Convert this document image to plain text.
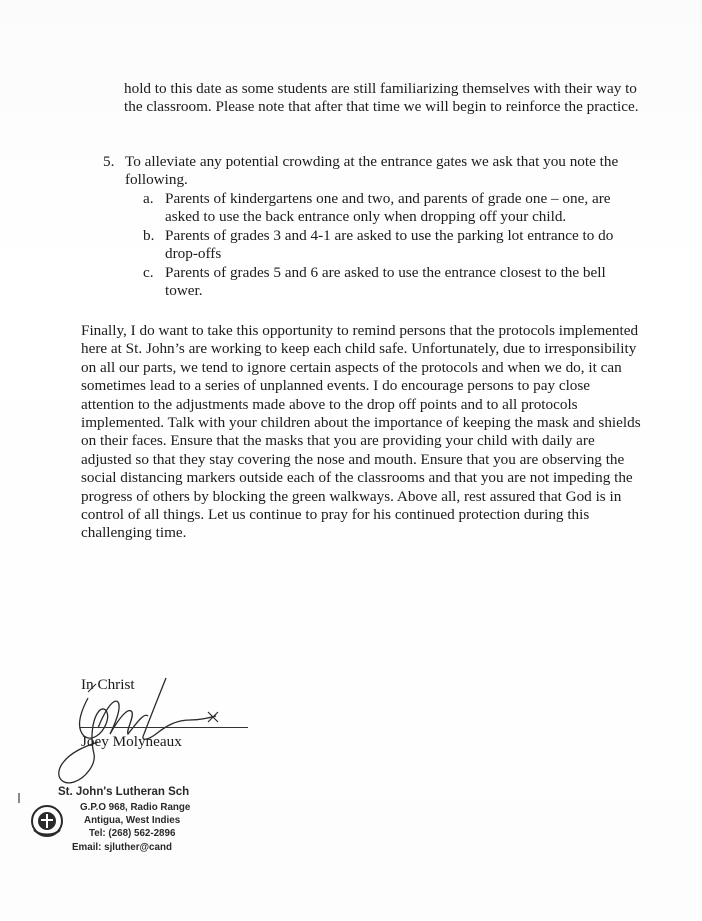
hold to this date as some students are still familiarizing themselves with their way to the classroom. Please note that after that time we will begin to reinforce the practice.
5. To alleviate any potential crowding at the entrance gates we ask that you note the following.
a. Parents of kindergartens one and two, and parents of grade one – one, are asked to use the back entrance only when dropping off your child.
b. Parents of grades 3 and 4-1 are asked to use the parking lot entrance to do drop-offs
c. Parents of grades 5 and 6 are asked to use the entrance closest to the bell tower.
Finally, I do want to take this opportunity to remind persons that the protocols implemented here at St. John’s are working to keep each child safe. Unfortunately, due to irresponsibility on all our parts, we tend to ignore certain aspects of the protocols and when we do, it can sometimes lead to a series of unplanned events. I do encourage persons to pay close attention to the adjustments made above to the drop off points and to all protocols implemented. Talk with your children about the importance of keeping the mask and shields on their faces. Ensure that the masks that you are providing your child with daily are adjusted so that they stay covering the nose and mouth. Ensure that you are observing the social distancing markers outside each of the classrooms and that you are not impeding the progress of others by blocking the green walkways. Above all, rest assured that God is in control of all things. Let us continue to pray for his continued protection during this challenging time.
In Christ
Joey Molyneaux
St. John's Lutheran Sch
G.P.O 968, Radio Range
Antigua, West Indies
Tel: (268) 562-2896
Email: sjluther@cand
